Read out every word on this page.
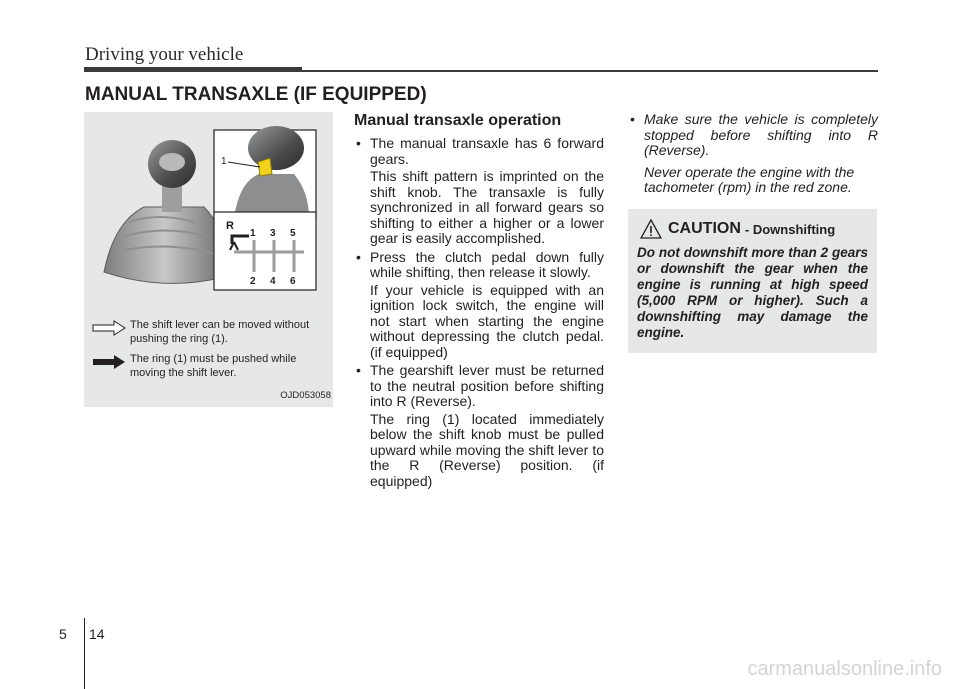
Driving your vehicle
MANUAL TRANSAXLE (IF EQUIPPED)
1
R
1 3 5
2 4 6
The shift lever can be moved without pushing the ring (1).
The ring (1) must be pushed while moving the shift lever.
OJD053058
Manual transaxle operation
• The manual transaxle has 6 forward gears.
This shift pattern is imprinted on the shift knob. The transaxle is fully synchronized in all forward gears so shifting to either a higher or a lower gear is easily accomplished.
• Press the clutch pedal down fully while shifting, then release it slowly.
If your vehicle is equipped with an ignition lock switch, the engine will not start when starting the engine without depressing the clutch pedal. (if equipped)
• The gearshift lever must be returned to the neutral position before shifting into R (Reverse).
The ring (1) located immediately below the shift knob must be pulled upward while moving the shift lever to the R (Reverse) position. (if equipped)
• Make sure the vehicle is completely stopped before shifting into R (Reverse).
Never operate the engine with the tachometer (rpm) in the red zone.
CAUTION - Downshifting
Do not downshift more than 2 gears or downshift the gear when the engine is running at high speed (5,000 RPM or higher). Such a downshifting may damage the engine.
5 14
carmanualsonline.info
